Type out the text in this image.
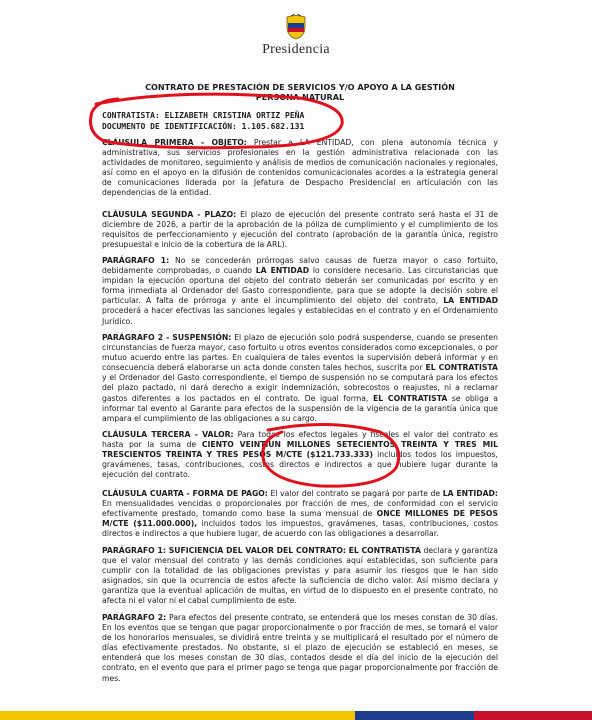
Presidencia
CONTRATO DE PRESTACIÓN DE SERVICIOS Y/O APOYO A LA GESTIÓN
PERSONA NATURAL
CONTRATISTA: ELIZABETH CRISTINA ORTIZ PEÑA
DOCUMENTO DE IDENTIFICACIÓN: 1.105.682.131
CLÁUSULA PRIMERA - OBJETO: Prestar a LA ENTIDAD, con plena autonomía técnica y administrativa, sus servicios profesionales en la gestión administrativa relacionada con las actividades de monitoreo, seguimiento y análisis de medios de comunicación nacionales y regionales, así como en el apoyo en la difusión de contenidos comunicacionales acordes a la estrategia general de comunicaciones liderada por la Jefatura de Despacho Presidencial en articulación con las dependencias de la entidad.
CLÁUSULA SEGUNDA - PLAZO: El plazo de ejecución del presente contrato será hasta el 31 de diciembre de 2026, a partir de la aprobación de la póliza de cumplimiento y el cumplimiento de los requisitos de perfeccionamiento y ejecución del contrato (aprobación de la garantía única, registro presupuestal e inicio de la cobertura de la ARL).
PARÁGRAFO 1: No se concederán prórrogas salvo causas de fuerza mayor o caso fortuito, debidamente comprobadas, o cuando LA ENTIDAD lo considere necesario. Las circunstancias que impidan la ejecución oportuna del objeto del contrato deberán ser comunicadas por escrito y en forma inmediata al Ordenador del Gasto correspondiente, para que se adopte la decisión sobre el particular. A falta de prórroga y ante el incumplimiento del objeto del contrato, LA ENTIDAD procederá a hacer efectivas las sanciones legales y establecidas en el contrato y en el Ordenamiento Jurídico.
PARÁGRAFO 2 - SUSPENSIÓN: El plazo de ejecución solo podrá suspenderse, cuando se presenten circunstancias de fuerza mayor, caso fortuito u otros eventos considerados como excepcionales, o por mutuo acuerdo entre las partes. En cualquiera de tales eventos la supervisión deberá informar y en consecuencia deberá elaborarse un acta donde consten tales hechos, suscrita por EL CONTRATISTA y el Ordenador del Gasto correspondiente, el tiempo de suspensión no se computará para los efectos del plazo pactado, ni dará derecho a exigir indemnización, sobrecostos o reajustes, ni a reclamar gastos diferentes a los pactados en el contrato. De igual forma, EL CONTRATISTA se obliga a informar tal evento al Garante para efectos de la suspensión de la vigencia de la garantía única que ampara el cumplimiento de las obligaciones a su cargo.
CLÁUSULA TERCERA - VALOR: Para todos los efectos legales y fiscales el valor del contrato es hasta por la suma de CIENTO VEINTIUN MILLONES SETECIENTOS TREINTA Y TRES MIL TRESCIENTOS TREINTA Y TRES PESOS M/CTE ($121.733.333) incluidos todos los impuestos, gravámenes, tasas, contribuciones, costos directos e indirectos a que hubiere lugar durante la ejecución del contrato.
CLÁUSULA CUARTA - FORMA DE PAGO: El valor del contrato se pagará por parte de LA ENTIDAD: En mensualidades vencidas o proporcionales por fracción de mes, de conformidad con el servicio efectivamente prestado, tomando como base la suma mensual de ONCE MILLONES DE PESOS M/CTE ($11.000.000), incluidos todos los impuestos, gravámenes, tasas, contribuciones, costos directos e indirectos a que hubiere lugar, de acuerdo con las obligaciones a desarrollar.
PARÁGRAFO 1: SUFICIENCIA DEL VALOR DEL CONTRATO: EL CONTRATISTA declara y garantiza que el valor mensual del contrato y las demás condiciones aquí establecidas, son suficiente para cumplir con la totalidad de las obligaciones previstas y para asumir los riesgos que le han sido asignados, sin que la ocurrencia de estos afecte la suficiencia de dicho valor. Así mismo declara y garantiza que la eventual aplicación de multas, en virtud de lo dispuesto en el presente contrato, no afecta ni el valor ni el cabal cumplimiento de este.
PARÁGRAFO 2: Para efectos del presente contrato, se entenderá que los meses constan de 30 días. En los eventos que se tengan que pagar proporcionalmente o por fracción de mes, se tomará el valor de los honorarios mensuales, se dividirá entre treinta y se multiplicará el resultado por el número de días efectivamente prestados. No obstante, si el plazo de ejecución se estableció en meses, se entenderá que los meses constan de 30 días, contados desde el día del inicio de la ejecución del contrato, en el evento que para el primer pago se tenga que pagar proporcionalmente por fracción de mes.
